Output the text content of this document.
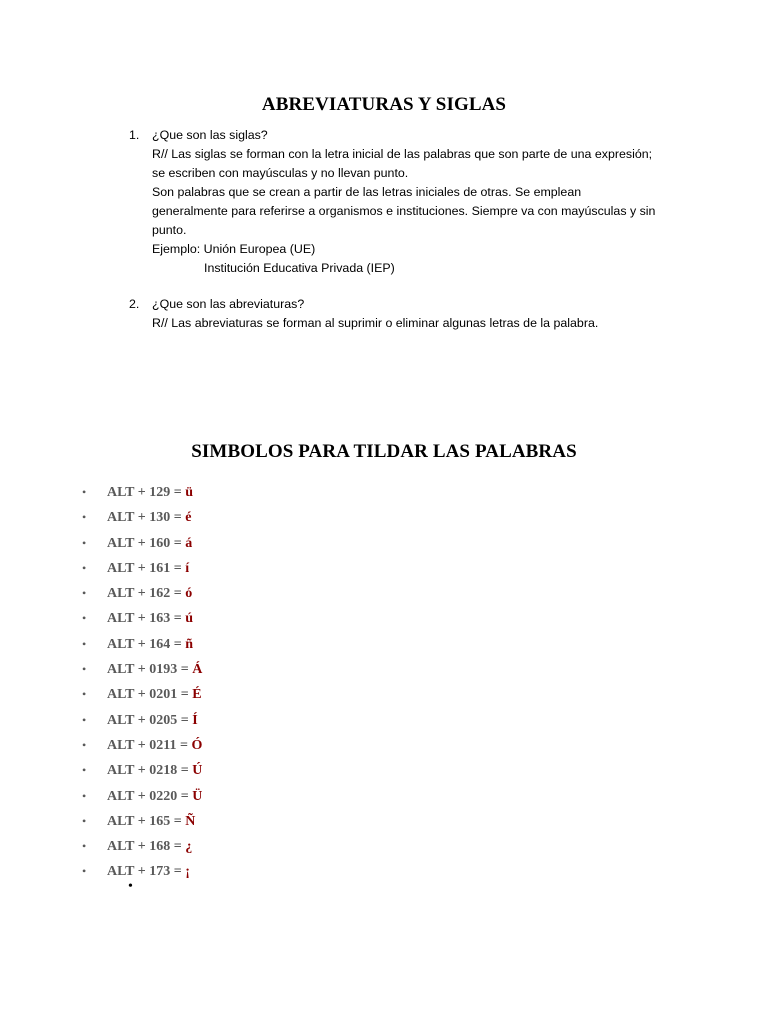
ABREVIATURAS Y SIGLAS
1. ¿Que son las siglas?
R// Las siglas se forman con la letra inicial de las palabras que son parte de una expresión;
se escriben con mayúsculas y no llevan punto.
Son palabras que se crean a partir de las letras iniciales de otras. Se emplean
generalmente para referirse a organismos e instituciones. Siempre va con mayúsculas y sin
punto.
Ejemplo: Unión Europea (UE)
Institución Educativa Privada (IEP)
2. ¿Que son las abreviaturas?
R// Las abreviaturas se forman al suprimir o eliminar algunas letras de la palabra.
SIMBOLOS PARA TILDAR LAS PALABRAS
• ALT + 129 = ü
• ALT + 130 = é
• ALT + 160 = á
• ALT + 161 = í
• ALT + 162 = ó
• ALT + 163 = ú
• ALT + 164 = ñ
• ALT + 0193 = Á
• ALT + 0201 = É
• ALT + 0205 = Í
• ALT + 0211 = Ó
• ALT + 0218 = Ú
• ALT + 0220 = Ü
• ALT + 165 = Ñ
• ALT + 168 = ¿
• ALT + 173 = ¡
•
